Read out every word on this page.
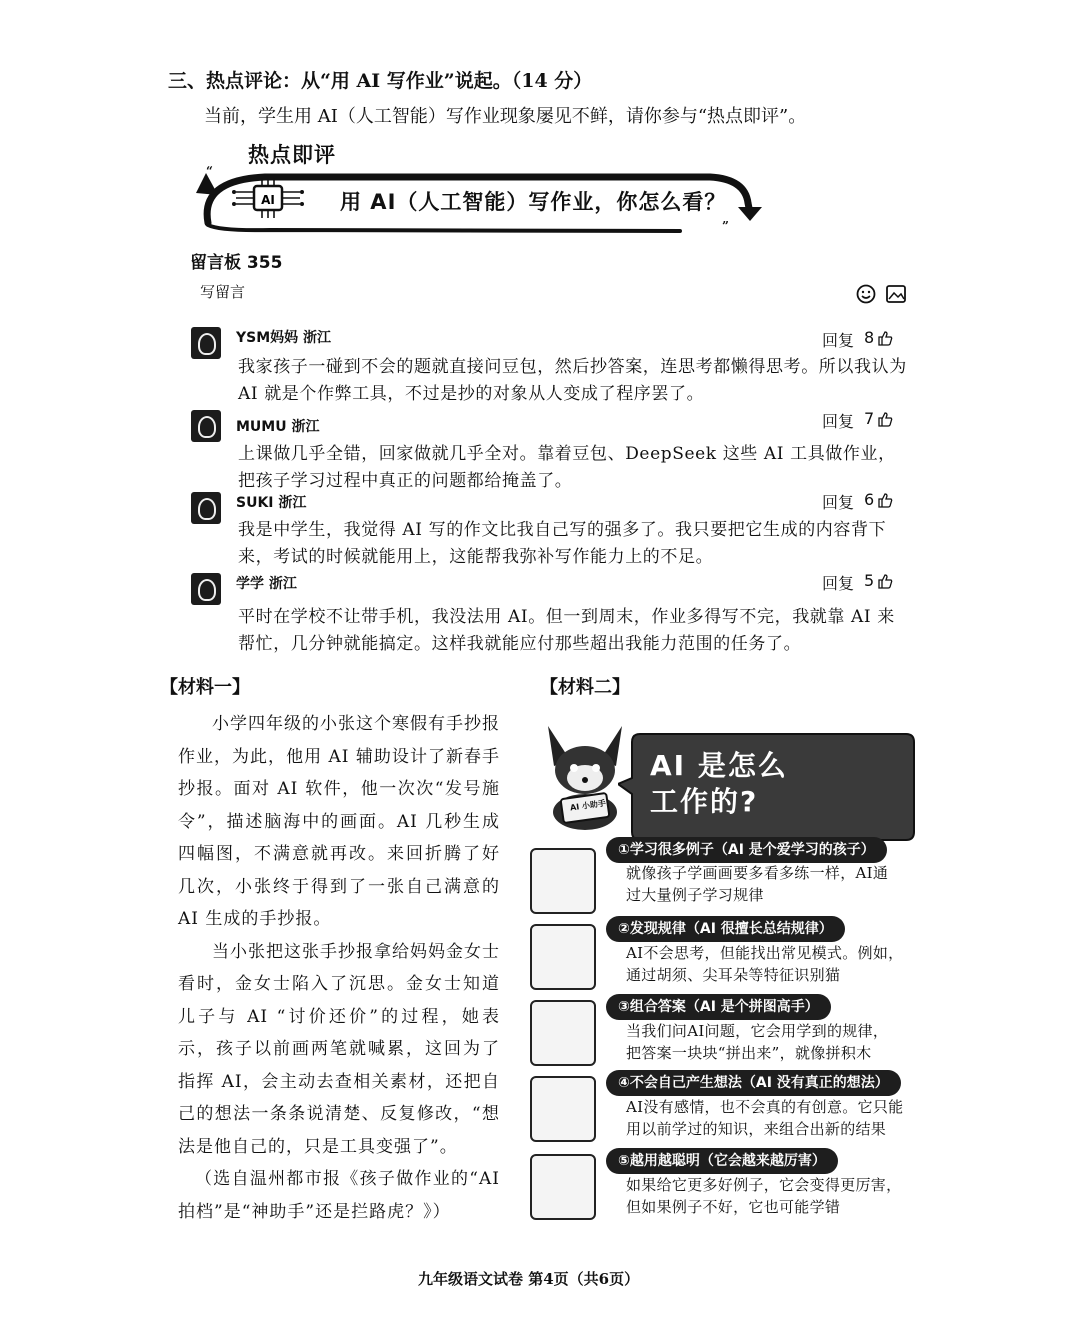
三、热点评论：从“用 AI 写作业”说起。（14 分）
当前，学生用 AI（人工智能）写作业现象屡见不鲜，请你参与“热点即评”。
AI
热点即评
用 AI（人工智能）写作业，你怎么看？
“
”
留言板 355
写留言
YSM妈妈 浙江	回复 8
我家孩子一碰到不会的题就直接问豆包，然后抄答案，连思考都懒得思考。所以我认为 AI 就是个作弊工具，不过是抄的对象从人变成了程序罢了。
MUMU 浙江	回复 7
上课做几乎全错，回家做就几乎全对。靠着豆包、DeepSeek 这些 AI 工具做作业，把孩子学习过程中真正的问题都给掩盖了。
SUKI 浙江	回复 6
我是中学生，我觉得 AI 写的作文比我自己写的强多了。我只要把它生成的内容背下来，考试的时候就能用上，这能帮我弥补写作能力上的不足。
学学 浙江	回复 5
平时在学校不让带手机，我没法用 AI。但一到周末，作业多得写不完，我就靠 AI 来帮忙，几分钟就能搞定。这样我就能应付那些超出我能力范围的任务了。
【材料一】

小学四年级的小张这个寒假有手抄报作业，为此，他用 AI 辅助设计了新春手抄报。面对 AI 软件，他一次次“发号施令”，描述脑海中的画面。AI 几秒生成四幅图，不满意就再改。来回折腾了好几次，小张终于得到了一张自己满意的 AI 生成的手抄报。

当小张把这张手抄报拿给妈妈金女士看时，金女士陷入了沉思。金女士知道儿子与 AI “讨价还价”的过程，她表示，孩子以前画两笔就喊累，这回为了指挥 AI，会主动去查相关素材，还把自己的想法一条条说清楚、反复修改，“想法是他自己的，只是工具变强了”。

（选自温州都市报《孩子做作业的“AI 拍档”是“神助手”还是拦路虎？》）

【材料二】
AI 小助手
AI 是怎么工作的?
①学习很多例子（AI 是个爱学习的孩子）
就像孩子学画画要多看多练一样，AI通
过大量例子学习规律
②发现规律（AI 很擅长总结规律）
AI不会思考，但能找出常见模式。例如，
通过胡须、尖耳朵等特征识别猫
③组合答案（AI 是个拼图高手）
当我们问AI问题，它会用学到的规律，
把答案一块块“拼出来”，就像拼积木
④不会自己产生想法（AI 没有真正的想法）
AI没有感情，也不会真的有创意。它只能
用以前学过的知识，来组合出新的结果
⑤越用越聪明（它会越来越厉害）
如果给它更多好例子，它会变得更厉害，
但如果例子不好，它也可能学错
九年级语文试卷 第4页（共6页）
